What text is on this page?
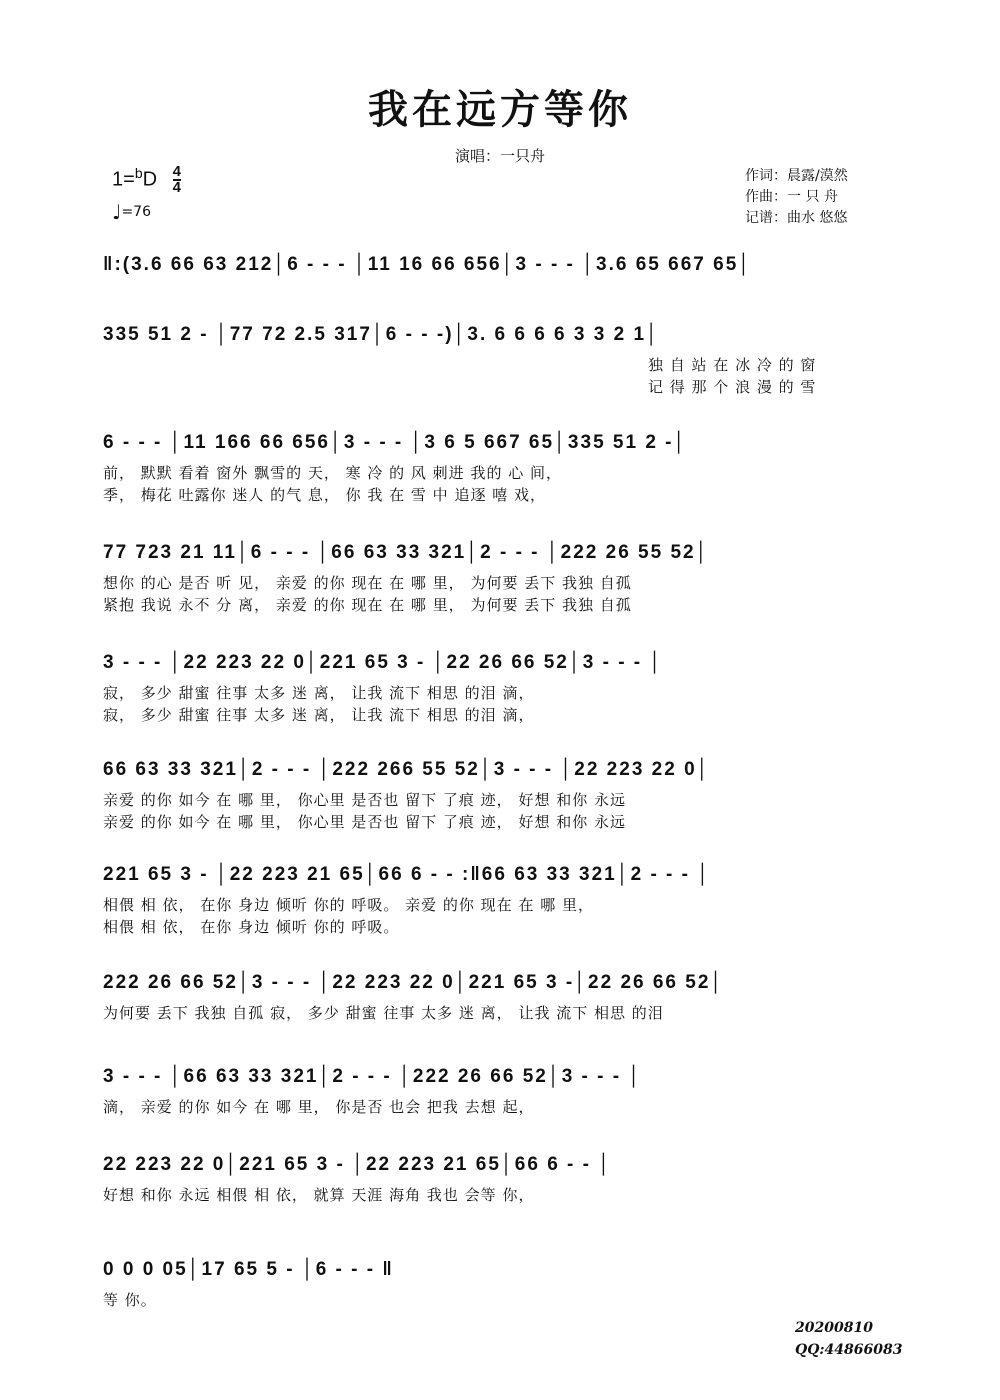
我在远方等你
演唱：一只舟
$1=^bD \frac{4}{4}$
♩=76
作词：晨露/漠然
作曲：一 只 舟
记谱：曲水 悠悠
‖:(3.6 66 63 212│6 - - - │11 16 66 656│3 - - - │3.6 65 667 65│
335 51 2 - │77 72 2.5 317│6 - - -)│3. 6 6 6 6 3 3 2 1│
独 自 站 在 冰 冷 的 窗
记 得 那 个 浪 漫 的 雪
6 - - - │11 166 66 656│3 - - - │3 6 5 667 65│335 51 2 -│
前， 默默 看着 窗外 飘雪的 天， 寒 冷 的 风 刺进 我的 心 间，
季， 梅花 吐露你 迷人 的气 息， 你 我 在 雪 中 追逐 嘻 戏，
77 723 21 11│6 - - - │66 63 33 321│2 - - - │222 26 55 52│
想你 的心 是否 听 见， 亲爱 的你 现在 在 哪 里， 为何要 丢下 我独 自孤
紧抱 我说 永不 分 离， 亲爱 的你 现在 在 哪 里， 为何要 丢下 我独 自孤
3 - - - │22 223 22 0│221 65 3 - │22 26 66 52│3 - - - │
寂， 多少 甜蜜 往事 太多 迷 离， 让我 流下 相思 的泪 滴，
寂， 多少 甜蜜 往事 太多 迷 离， 让我 流下 相思 的泪 滴，
66 63 33 321│2 - - - │222 266 55 52│3 - - - │22 223 22 0│
亲爱 的你 如今 在 哪 里， 你心里 是否也 留下 了痕 迹， 好想 和你 永远
亲爱 的你 如今 在 哪 里， 你心里 是否也 留下 了痕 迹， 好想 和你 永远
221 65 3 - │22 223 21 65│66 6 - - :‖66 63 33 321│2 - - - │
相偎 相 依， 在你 身边 倾听 你的 呼吸。 亲爱 的你 现在 在 哪 里，
相偎 相 依， 在你 身边 倾听 你的 呼吸。
222 26 66 52│3 - - - │22 223 22 0│221 65 3 -│22 26 66 52│
为何要 丢下 我独 自孤 寂， 多少 甜蜜 往事 太多 迷 离， 让我 流下 相思 的泪
3 - - - │66 63 33 321│2 - - - │222 26 66 52│3 - - - │
滴， 亲爱 的你 如今 在 哪 里， 你是否 也会 把我 去想 起，
22 223 22 0│221 65 3 - │22 223 21 65│66 6 - - │
好想 和你 永远 相偎 相 依， 就算 天涯 海角 我也 会等 你，
0 0 0 05│17 65 5 - │6 - - - ‖
等 你。
20200810
QQ:44866083
